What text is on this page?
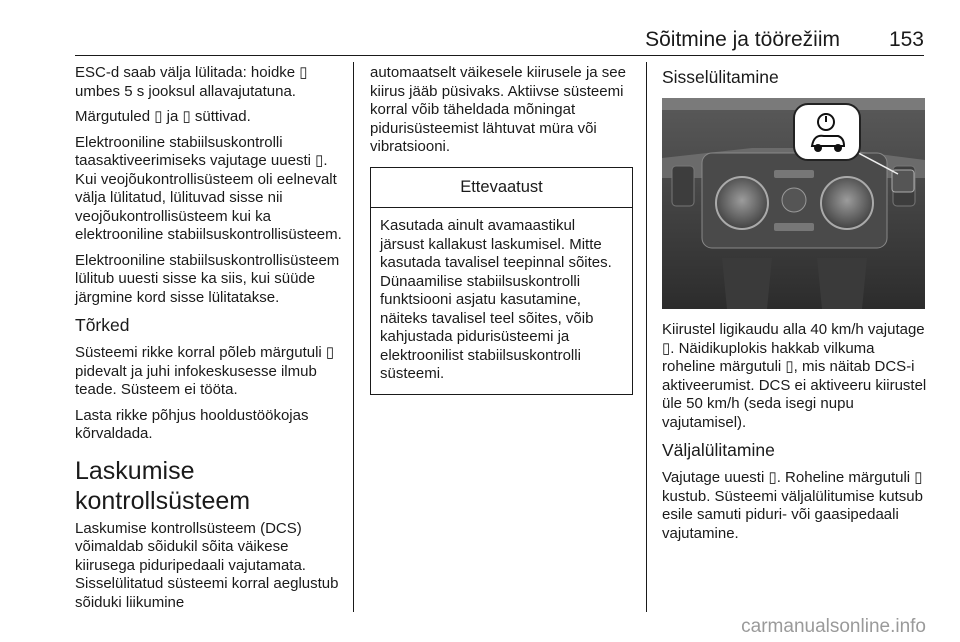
Sõitmine ja töörežiim 153

ESC-d saab välja lülitada: hoidke ▯ umbes 5 s jooksul allavajutatuna.

Märgutuled ▯ ja ▯ süttivad.

Elektrooniline stabiilsuskontrolli taasaktiveerimiseks vajutage uuesti ▯. Kui veojõukontrollisüsteem oli eelnevalt välja lülitatud, lülituvad sisse nii veojõukontrollisüsteem kui ka elektrooniline stabiilsuskontrollisüsteem.

Elektrooniline stabiilsuskontrollisüsteem lülitub uuesti sisse ka siis, kui süüde järgmine kord sisse lülitatakse.

Tõrked

Süsteemi rikke korral põleb märgutuli ▯ pidevalt ja juhi infokeskusesse ilmub teade. Süsteem ei tööta.

Lasta rikke põhjus hooldustöökojas kõrvaldada.

Laskumise kontrollsüsteem

Laskumise kontrollsüsteem (DCS) võimaldab sõidukil sõita väikese kiirusega piduripedaali vajutamata. Sisselülitatud süsteemi korral aeglustub sõiduki liikumine

automaatselt väikesele kiirusele ja see kiirus jääb püsivaks. Aktiivse süsteemi korral võib täheldada mõningat pidurisüsteemist lähtuvat müra või vibratsiooni.

Ettevaatust
Kasutada ainult avamaastikul järsust kallakust laskumisel. Mitte kasutada tavalisel teepinnal sõites. Dünaamilise stabiilsuskontrolli funktsiooni asjatu kasutamine, näiteks tavalisel teel sõites, võib kahjustada pidurisüsteemi ja elektroonilist stabiilsuskontrolli süsteemi.
Sisselülitamine

Kiirustel ligikaudu alla 40 km/h vajutage ▯. Näidikuplokis hakkab vilkuma roheline märgutuli ▯, mis näitab DCS-i aktiveerumist. DCS ei aktiveeru kiirustel üle 50 km/h (seda isegi nupu vajutamisel).

Väljalülitamine

Vajutage uuesti ▯. Roheline märgutuli ▯ kustub. Süsteemi väljalülitumise kutsub esile samuti piduri- või gaasipedaali vajutamine.

carmanualsonline.info
